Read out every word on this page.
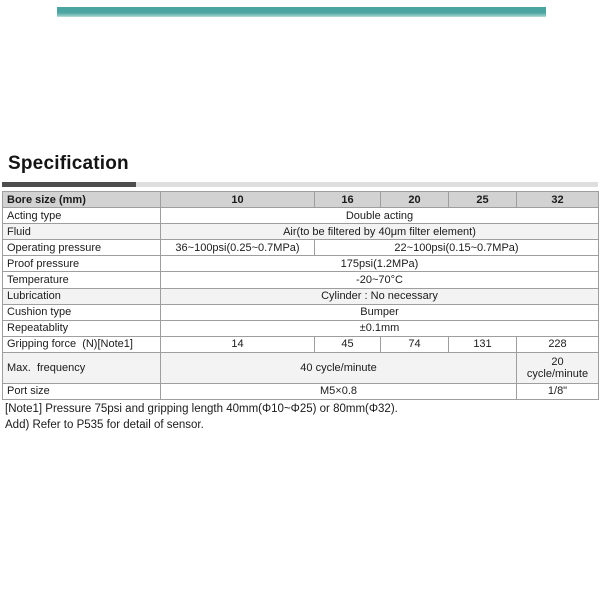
Specification
Bore size (mm)	10	16	20	25	32
Acting type	Double acting				
Fluid	Air(to be filtered by 40μm filter element)				
Operating pressure	36~100psi(0.25~0.7MPa)	22~100psi(0.15~0.7MPa)			
Proof pressure	175psi(1.2MPa)				
Temperature	-20~70°C				
Lubrication	Cylinder : No necessary				
Cushion type	Bumper				
Repeatablity	±0.1mm				
Gripping force  (N)[Note1]	14	45	74	131	228
Max.  frequency	40 cycle/minute				20 cycle/minute
Port size	M5×0.8				1/8"
[Note1] Pressure 75psi and gripping length 40mm(Φ10~Φ25) or 80mm(Φ32).
Add) Refer to P535 for detail of sensor.
